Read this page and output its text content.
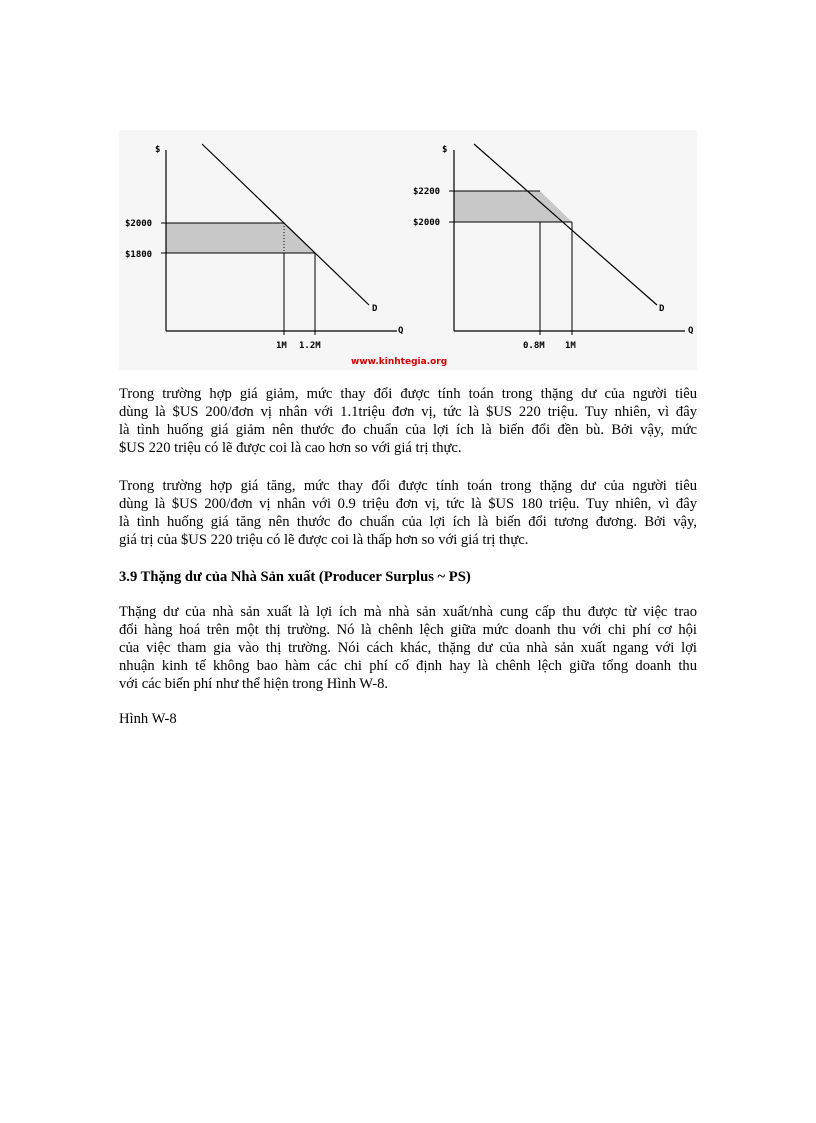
$
$2000
$1800
D
Q
1M 1.2M
$
$2200
$2000
D
Q
0.8M 1M
www.kinhtegia.org

Trong trường hợp giá giảm, mức thay đổi được tính toán trong thặng dư của người tiêu
dùng là $US 200/đơn vị nhân với 1.1triệu đơn vị, tức là $US 220 triệu. Tuy nhiên, vì đây
là tình huống giá giảm nên thước đo chuẩn của lợi ích là biến đổi đền bù. Bởi vậy, mức
$US 220 triệu có lẽ được coi là cao hơn so với giá trị thực.

Trong trường hợp giá tăng, mức thay đổi được tính toán trong thặng dư của người tiêu
dùng là $US 200/đơn vị nhân với 0.9 triệu đơn vị, tức là $US 180 triệu. Tuy nhiên, vì đây
là tình huống giá tăng nên thước đo chuẩn của lợi ích là biến đổi tương đương. Bởi vậy,
giá trị của $US 220 triệu có lẽ được coi là thấp hơn so với giá trị thực.

3.9 Thặng dư của Nhà Sản xuất (Producer Surplus ~ PS)

Thặng dư của nhà sản xuất là lợi ích mà nhà sản xuất/nhà cung cấp thu được từ việc trao
đổi hàng hoá trên một thị trường. Nó là chênh lệch giữa mức doanh thu với chi phí cơ hội
của việc tham gia vào thị trường. Nói cách khác, thặng dư của nhà sản xuất ngang với lợi
nhuận kinh tế không bao hàm các chi phí cố định hay là chênh lệch giữa tổng doanh thu
với các biến phí như thể hiện trong Hình W-8.

Hình W-8
